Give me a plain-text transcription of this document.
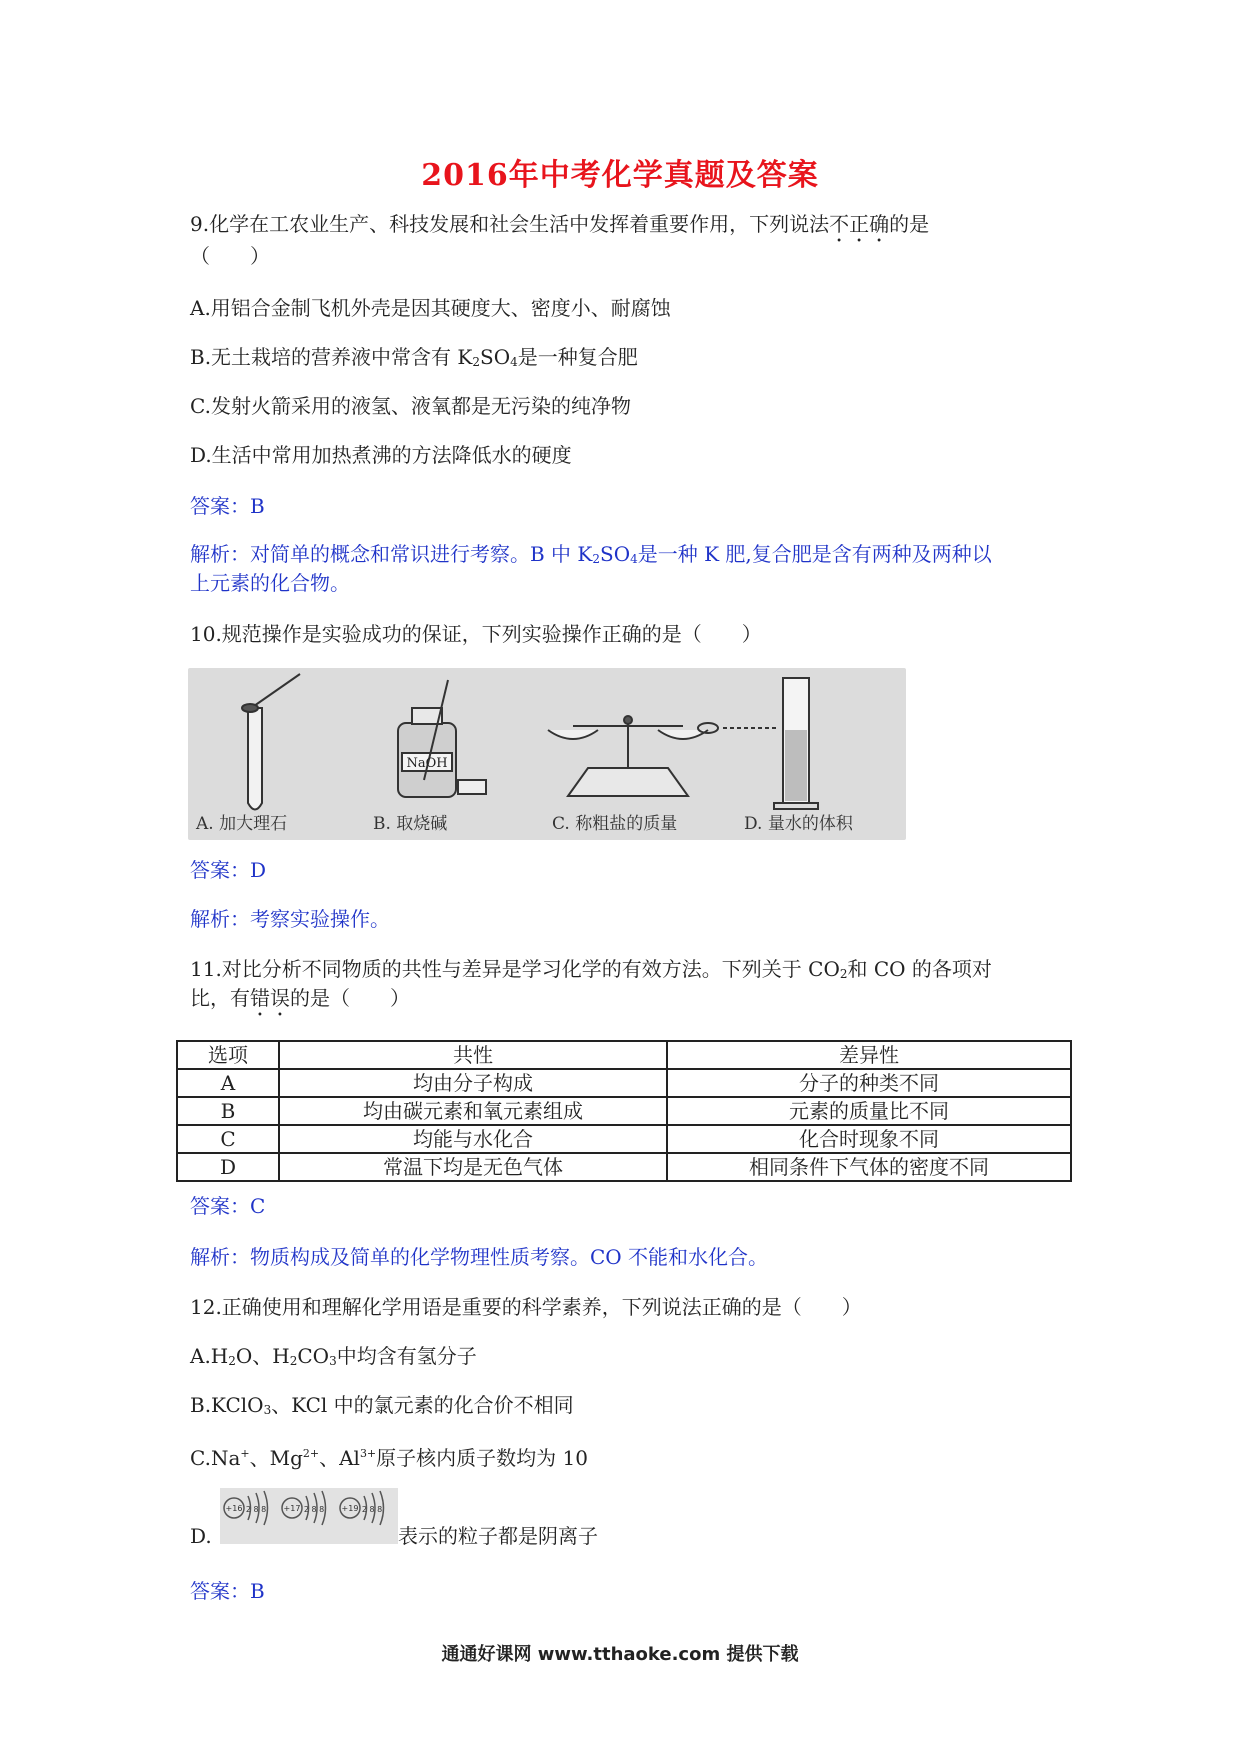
2016年中考化学真题及答案
9.化学在工农业生产、科技发展和社会生活中发挥着重要作用，下列说法不正确的是
（　　）
A.用铝合金制飞机外壳是因其硬度大、密度小、耐腐蚀
B.无土栽培的营养液中常含有 K2SO4是一种复合肥
C.发射火箭采用的液氢、液氧都是无污染的纯净物
D.生活中常用加热煮沸的方法降低水的硬度
答案：B
解析：对简单的概念和常识进行考察。B 中 K2SO4是一种 K 肥,复合肥是含有两种及两种以
上元素的化合物。
10.规范操作是实验成功的保证，下列实验操作正确的是（　　）
NaOH
A. 加大理石	B. 取烧碱	C. 称粗盐的质量	D. 量水的体积
答案：D
解析：考察实验操作。
11.对比分析不同物质的共性与差异是学习化学的有效方法。下列关于 CO2和 CO 的各项对
比，有错误的是（　　）
选项	共性	差异性
A	均由分子构成	分子的种类不同
B	均由碳元素和氧元素组成	元素的质量比不同
C	均能与水化合	化合时现象不同
D	常温下均是无色气体	相同条件下气体的密度不同
答案：C
解析：物质构成及简单的化学物理性质考察。CO 不能和水化合。
12.正确使用和理解化学用语是重要的科学素养，下列说法正确的是（　　）
A.H2O、H2CO3中均含有氢分子
B.KClO3、KCl 中的氯元素的化合价不相同
C.Na+、$Mg^{2+}$、$Al^{3+}$原子核内质子数均为 10
D.
+16 2 8 8 +17 2 8 8 +19 2 8 8
表示的粒子都是阴离子
答案：B
通通好课网 www.tthaoke.com 提供下载
